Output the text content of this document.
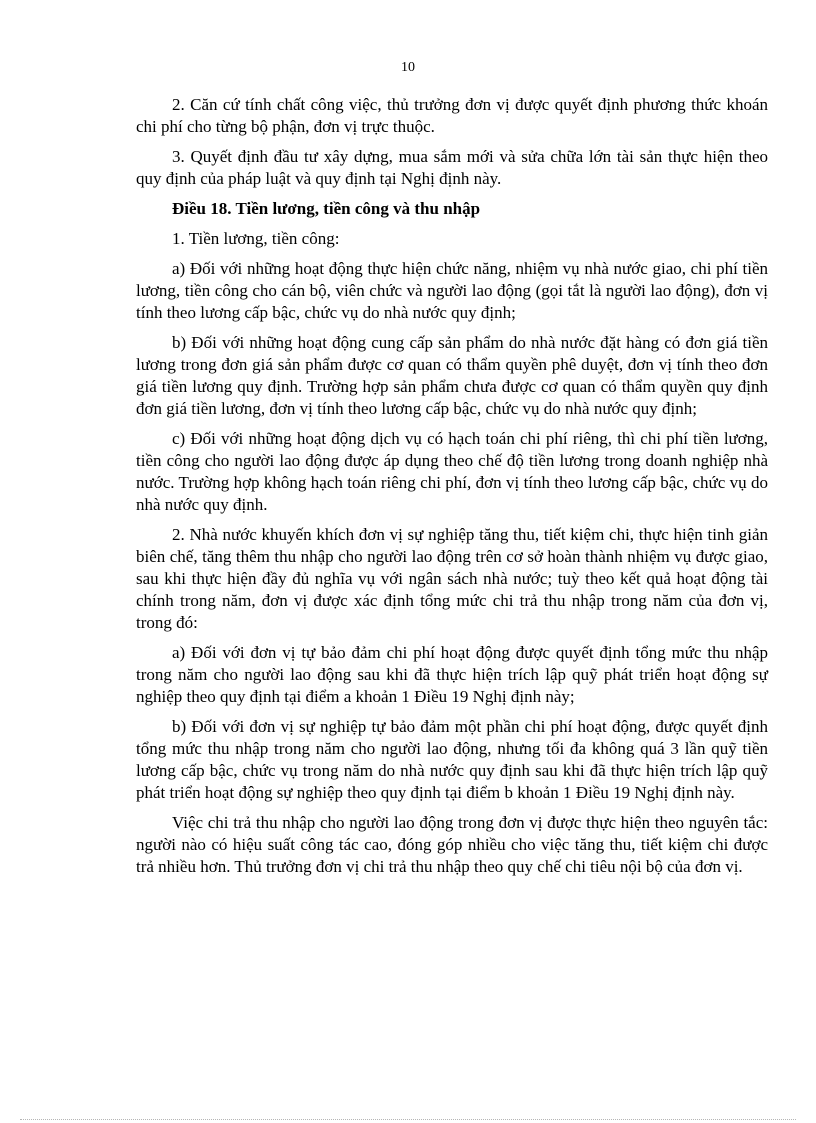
10

2. Căn cứ tính chất công việc, thủ trưởng đơn vị được quyết định phương thức khoán chi phí cho từng bộ phận, đơn vị trực thuộc.

3. Quyết định đầu tư xây dựng, mua sắm mới và sửa chữa lớn tài sản thực hiện theo quy định của pháp luật và quy định tại Nghị định này.

Điều 18. Tiền lương, tiền công và thu nhập

1. Tiền lương, tiền công:

a) Đối với những hoạt động thực hiện chức năng, nhiệm vụ nhà nước giao, chi phí tiền lương, tiền công cho cán bộ, viên chức và người lao động (gọi tắt là người lao động), đơn vị tính theo lương cấp bậc, chức vụ do nhà nước quy định;

b) Đối với những hoạt động cung cấp sản phẩm do nhà nước đặt hàng có đơn giá tiền lương trong đơn giá sản phẩm được cơ quan có thẩm quyền phê duyệt, đơn vị tính theo đơn giá tiền lương quy định. Trường hợp sản phẩm chưa được cơ quan có thẩm quyền quy định đơn giá tiền lương, đơn vị tính theo lương cấp bậc, chức vụ do nhà nước quy định;

c) Đối với những hoạt động dịch vụ có hạch toán chi phí riêng, thì chi phí tiền lương, tiền công cho người lao động được áp dụng theo chế độ tiền lương trong doanh nghiệp nhà nước. Trường hợp không hạch toán riêng chi phí, đơn vị tính theo lương cấp bậc, chức vụ do nhà nước quy định.

2. Nhà nước khuyến khích đơn vị sự nghiệp tăng thu, tiết kiệm chi, thực hiện tinh giản biên chế, tăng thêm thu nhập cho người lao động trên cơ sở hoàn thành nhiệm vụ được giao, sau khi thực hiện đầy đủ nghĩa vụ với ngân sách nhà nước; tuỳ theo kết quả hoạt động tài chính trong năm, đơn vị được xác định tổng mức chi trả thu nhập trong năm của đơn vị, trong đó:

a) Đối với đơn vị tự bảo đảm chi phí hoạt động được quyết định tổng mức thu nhập trong năm cho người lao động sau khi đã thực hiện trích lập quỹ phát triển hoạt động sự nghiệp theo quy định tại điểm a khoản 1 Điều 19 Nghị định này;

b) Đối với đơn vị sự nghiệp tự bảo đảm một phần chi phí hoạt động, được quyết định tổng mức thu nhập trong năm cho người lao động, nhưng tối đa không quá 3 lần quỹ tiền lương cấp bậc, chức vụ trong năm do nhà nước quy định sau khi đã thực hiện trích lập quỹ phát triển hoạt động sự nghiệp theo quy định tại điểm b khoản 1 Điều 19 Nghị định này.

Việc chi trả thu nhập cho người lao động trong đơn vị được thực hiện theo nguyên tắc: người nào có hiệu suất công tác cao, đóng góp nhiều cho việc tăng thu, tiết kiệm chi được trả nhiều hơn. Thủ trưởng đơn vị chi trả thu nhập theo quy chế chi tiêu nội bộ của đơn vị.
